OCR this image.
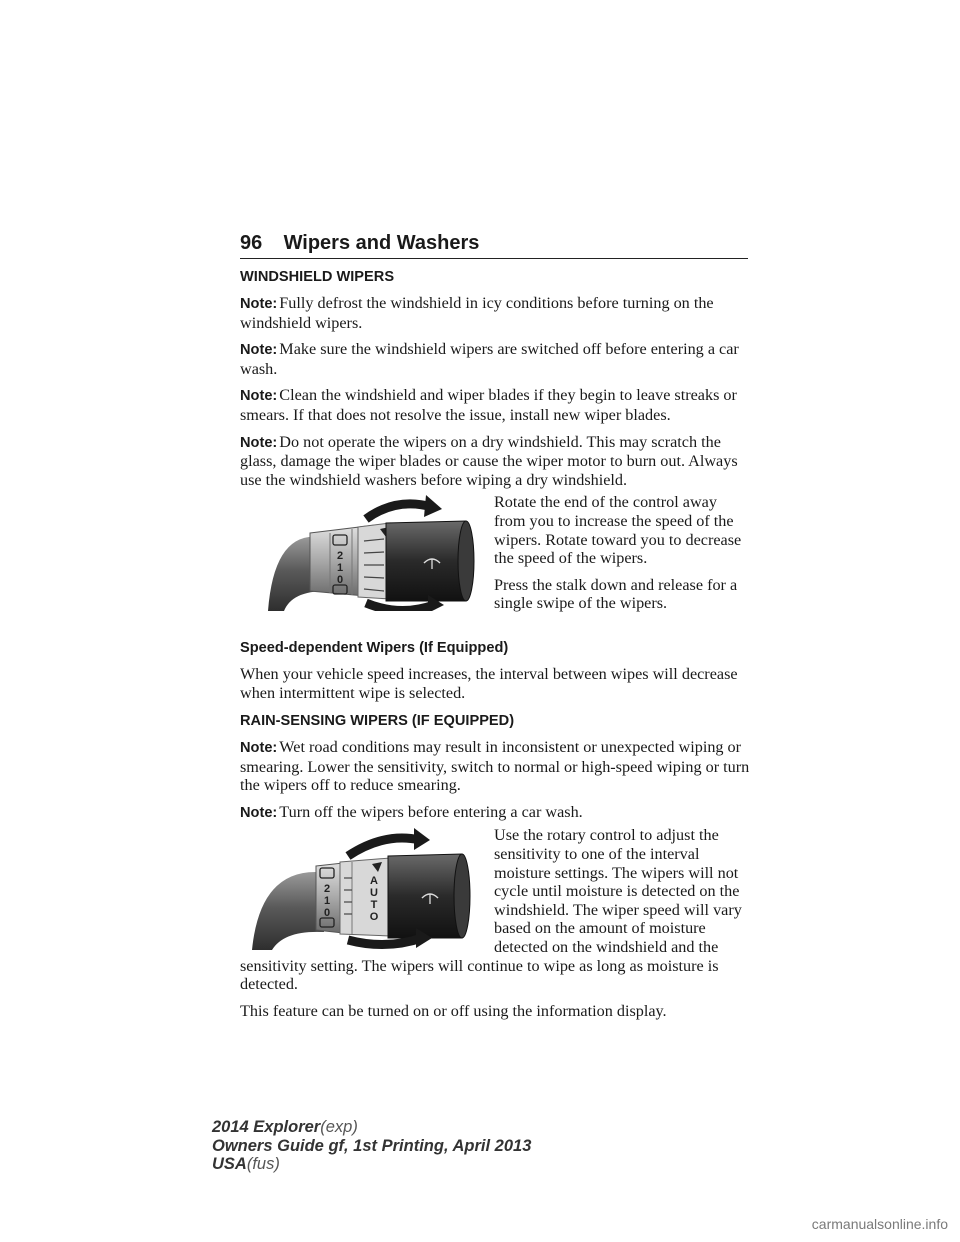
96 Wipers and Washers
WINDSHIELD WIPERS

Note: Fully defrost the windshield in icy conditions before turning on the windshield wipers.

Note: Make sure the windshield wipers are switched off before entering a car wash.

Note: Clean the windshield and wiper blades if they begin to leave streaks or smears. If that does not resolve the issue, install new wiper blades.

Note: Do not operate the wipers on a dry windshield. This may scratch the glass, damage the wiper blades or cause the wiper motor to burn out. Always use the windshield washers before wiping a dry windshield.

2
1
0

Rotate the end of the control away from you to increase the speed of the wipers. Rotate toward you to decrease the speed of the wipers.

Press the stalk down and release for a single swipe of the wipers.

Speed-dependent Wipers (If Equipped)

When your vehicle speed increases, the interval between wipes will decrease when intermittent wipe is selected.

RAIN-SENSING WIPERS (IF EQUIPPED)

Note: Wet road conditions may result in inconsistent or unexpected wiping or smearing. Lower the sensitivity, switch to normal or high-speed wiping or turn the wipers off to reduce smearing.

Note: Turn off the wipers before entering a car wash.

2
1
0
A
U
T
O

Use the rotary control to adjust the sensitivity to one of the interval moisture settings. The wipers will not cycle until moisture is detected on the windshield. The wiper speed will vary based on the amount of moisture detected on the windshield and the sensitivity setting. The wipers will continue to wipe as long as moisture is detected.

This feature can be turned on or off using the information display.

2014 Explorer(exp)
Owners Guide gf, 1st Printing, April 2013
USA(fus)
carmanualsonline.info
